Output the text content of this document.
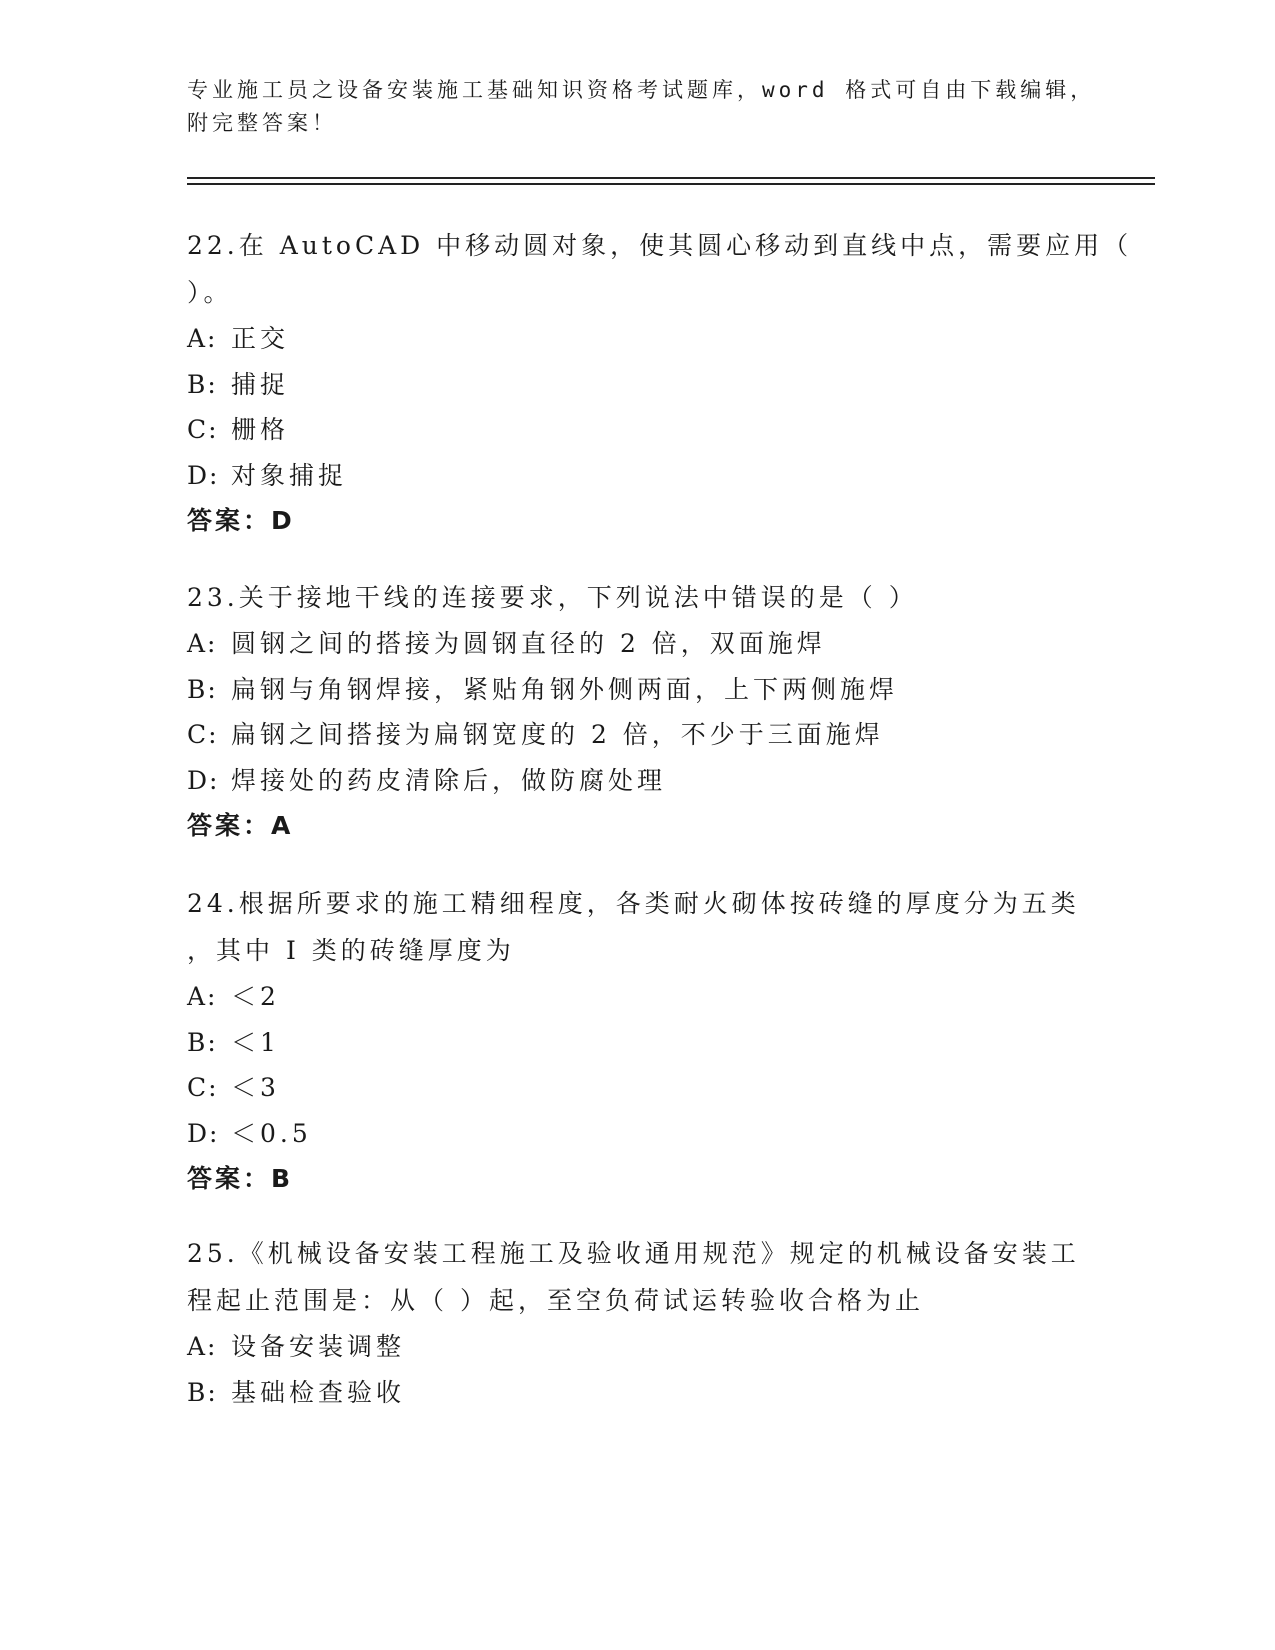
专业施工员之设备安装施工基础知识资格考试题库，word 格式可自由下载编辑，
附完整答案！
22.在 AutoCAD 中移动圆对象，使其圆心移动到直线中点，需要应用（
）。
A: 正交
B: 捕捉
C: 栅格
D: 对象捕捉
答案：D
23.关于接地干线的连接要求，下列说法中错误的是（ ）
A: 圆钢之间的搭接为圆钢直径的 2 倍，双面施焊
B: 扁钢与角钢焊接，紧贴角钢外侧两面，上下两侧施焊
C: 扁钢之间搭接为扁钢宽度的 2 倍，不少于三面施焊
D: 焊接处的药皮清除后，做防腐处理
答案：A
24.根据所要求的施工精细程度，各类耐火砌体按砖缝的厚度分为五类
，其中 I 类的砖缝厚度为
A: ＜2
B: ＜1
C: ＜3
D: ＜0.5
答案：B
25.《机械设备安装工程施工及验收通用规范》规定的机械设备安装工
程起止范围是：从（ ）起，至空负荷试运转验收合格为止
A: 设备安装调整
B: 基础检查验收
